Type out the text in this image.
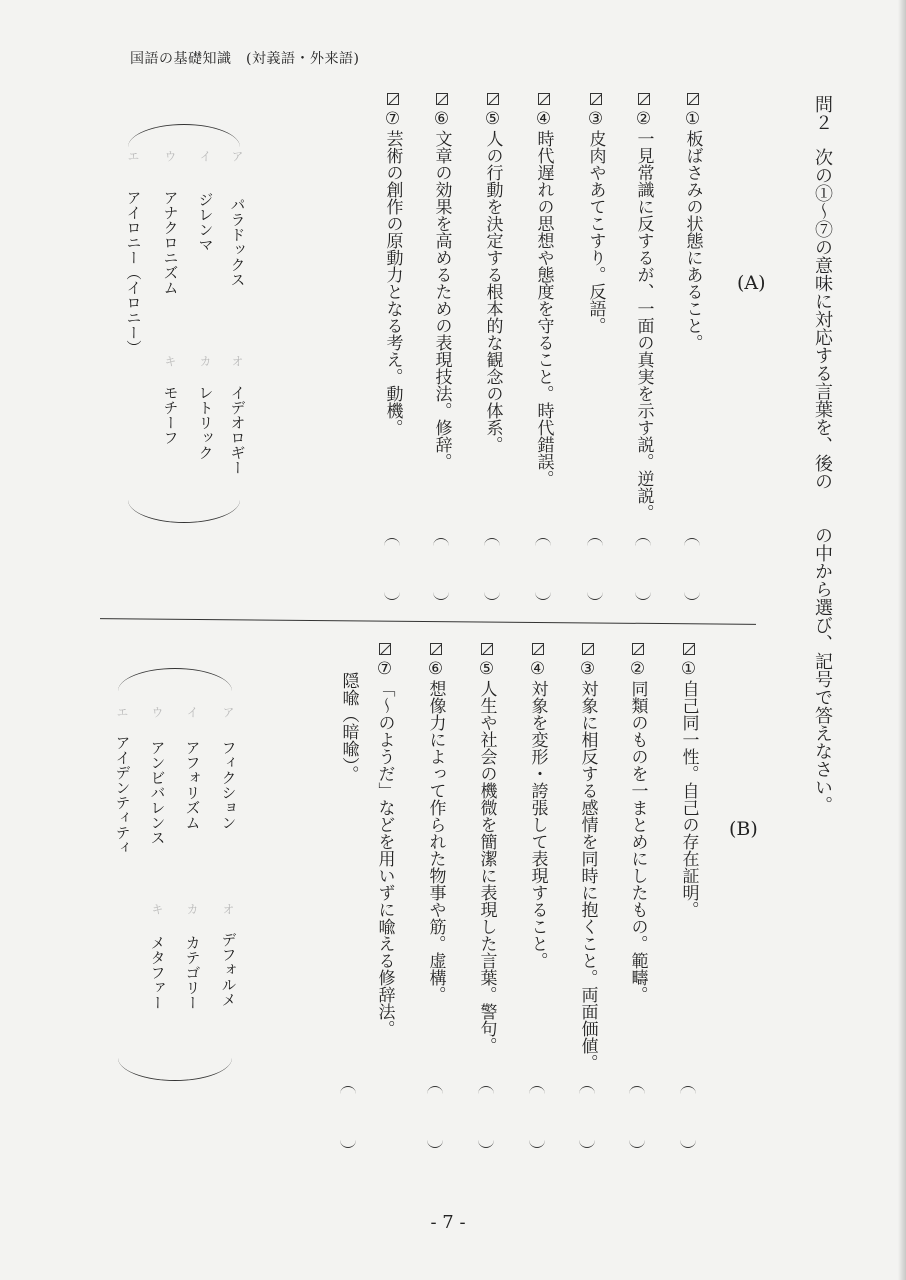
国語の基礎知識　(対義語・外来語)
問２
次の①〜⑦の意味に対応する言葉を、後の　　の中から選び、記号で答えなさい。
(A)
①板ばさみの状態にあること。
②一見常識に反するが、一面の真実を示す説。逆説。
③皮肉やあてこすり。反語。
④時代遅れの思想や態度を守ること。時代錯誤。
⑤人の行動を決定する根本的な観念の体系。
⑥文章の効果を高めるための表現技法。修辞。
⑦芸術の創作の原動力となる考え。動機。
ア
パラドックス
イ
ジレンマ
ウ
アナクロニズム
エ
アイロニー（イロニー）
オ
イデオロギー
カ
レトリック
キ
モチーフ
(B)
①自己同一性。自己の存在証明。
②同類のものを一まとめにしたもの。範疇。
③対象に相反する感情を同時に抱くこと。両面価値。
④対象を変形・誇張して表現すること。
⑤人生や社会の機微を簡潔に表現した言葉。警句。
⑥想像力によって作られた物事や筋。虚構。
⑦「〜のようだ」などを用いずに喩える修辞法。
隠喩（暗喩）。
ア
フィクション
イ
アフォリズム
ウ
アンビバレンス
エ
アイデンティティ
オ
デフォルメ
カ
カテゴリー
キ
メタファー
- 7 -
